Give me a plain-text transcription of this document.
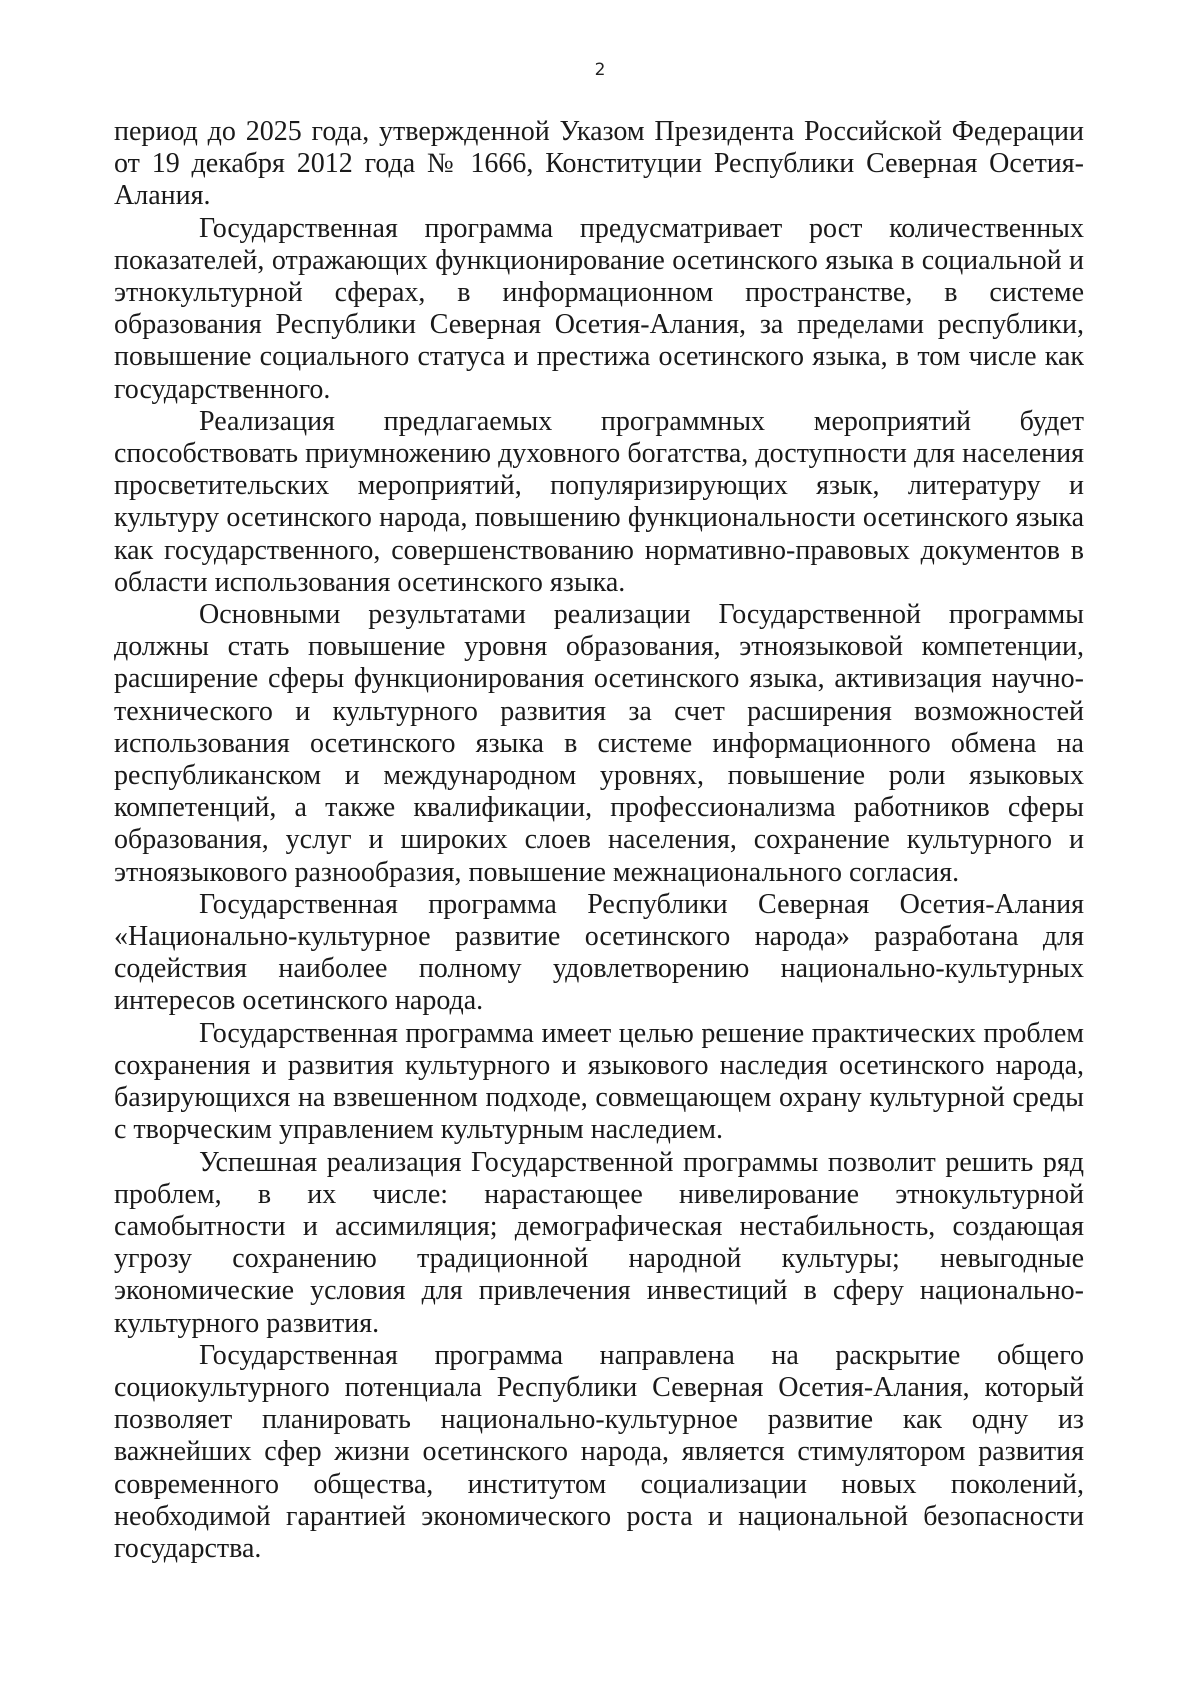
2

период до 2025 года, утвержденной Указом Президента Российской Федерации от 19 декабря 2012 года № 1666, Конституции Республики Северная Осетия-Алания.

Государственная программа предусматривает рост количественных показателей, отражающих функционирование осетинского языка в социальной и этнокультурной сферах, в информационном пространстве, в системе образования Республики Северная Осетия-Алания, за пределами республики, повышение социального статуса и престижа осетинского языка, в том числе как государственного.

Реализация предлагаемых программных мероприятий будет способствовать приумножению духовного богатства, доступности для населения просветительских мероприятий, популяризирующих язык, литературу и культуру осетинского народа, повышению функциональности осетинского языка как государственного, совершенствованию нормативно-правовых документов в области использования осетинского языка.

Основными результатами реализации Государственной программы должны стать повышение уровня образования, этноязыковой компетенции, расширение сферы функционирования осетинского языка, активизация научно-технического и культурного развития за счет расширения возможностей использования осетинского языка в системе информационного обмена на республиканском и международном уровнях, повышение роли языковых компетенций, а также квалификации, профессионализма работников сферы образования, услуг и широких слоев населения, сохранение культурного и этноязыкового разнообразия, повышение межнационального согласия.

Государственная программа Республики Северная Осетия-Алания «Национально-культурное развитие осетинского народа» разработана для содействия наиболее полному удовлетворению национально-культурных интересов осетинского народа.

Государственная программа имеет целью решение практических проблем сохранения и развития культурного и языкового наследия осетинского народа, базирующихся на взвешенном подходе, совмещающем охрану культурной среды с творческим управлением культурным наследием.

Успешная реализация Государственной программы позволит решить ряд проблем, в их числе: нарастающее нивелирование этнокультурной самобытности и ассимиляция; демографическая нестабильность, создающая угрозу сохранению традиционной народной культуры; невыгодные экономические условия для привлечения инвестиций в сферу национально-культурного развития.

Государственная программа направлена на раскрытие общего социокультурного потенциала Республики Северная Осетия-Алания, который позволяет планировать национально-культурное развитие как одну из важнейших сфер жизни осетинского народа, является стимулятором развития современного общества, институтом социализации новых поколений, необходимой гарантией экономического роста и национальной безопасности государства.
